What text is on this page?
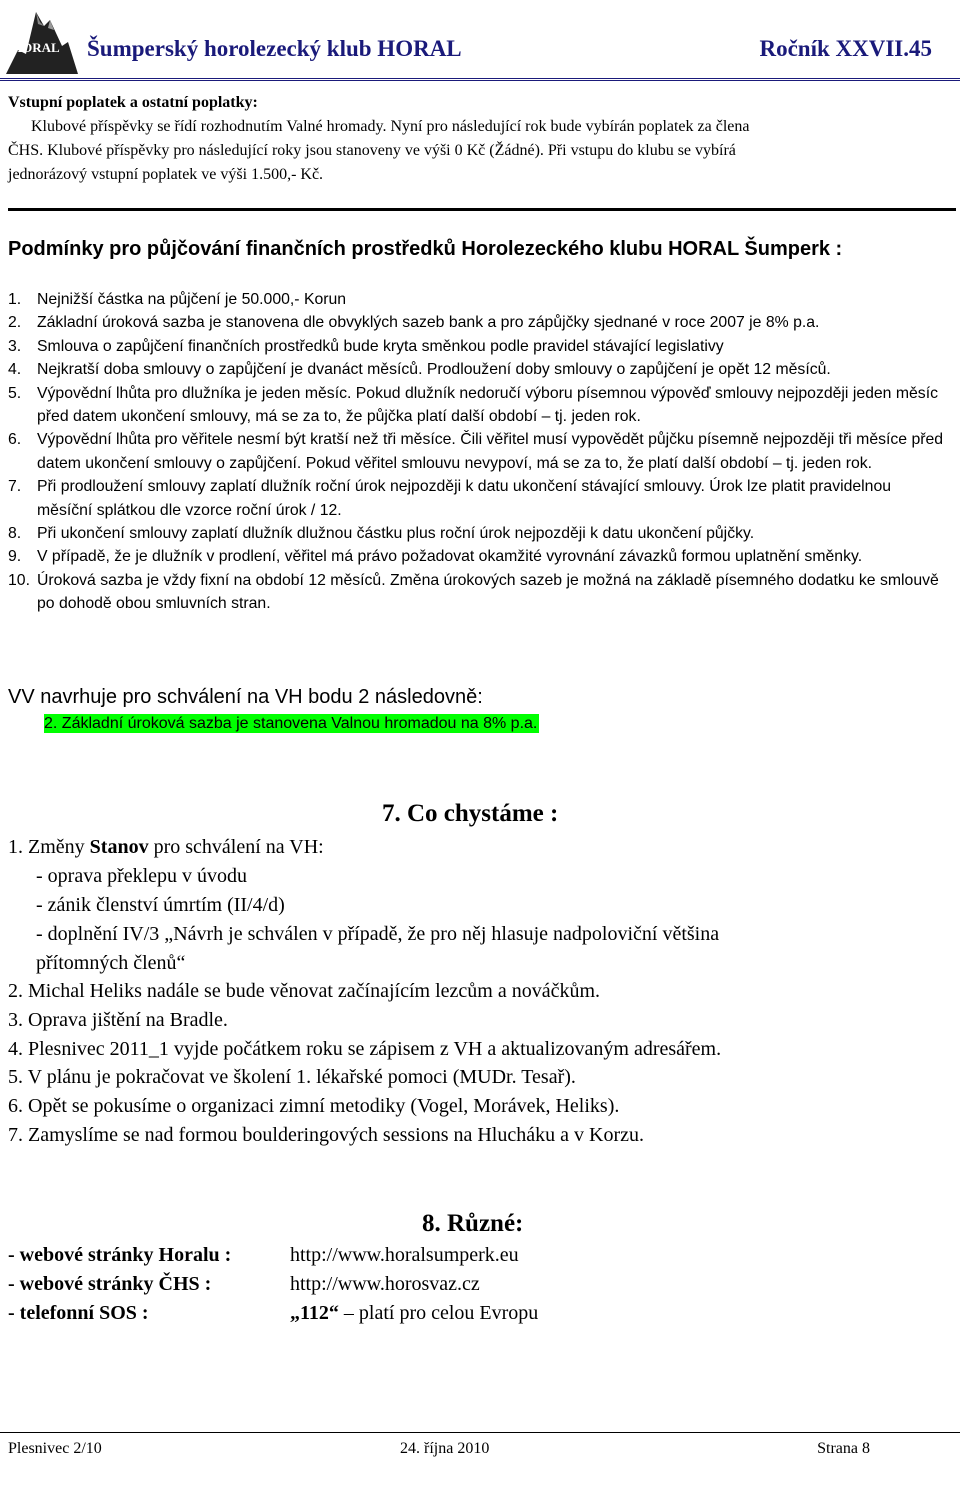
HORAL Šumperský horolezecký klub HORAL	Ročník XXVII.45
Vstupní poplatek a ostatní poplatky:
Klubové příspěvky se řídí rozhodnutím Valné hromady. Nyní pro následující rok bude vybírán poplatek za člena
ČHS. Klubové příspěvky pro následující roky jsou stanoveny ve výši 0 Kč (Žádné). Při vstupu do klubu se vybírá
jednorázový vstupní poplatek ve výši 1.500,- Kč.
Podmínky pro půjčování finančních prostředků Horolezeckého klubu HORAL Šumperk :
1. Nejnižší částka na půjčení je 50.000,- Korun
2. Základní úroková sazba je stanovena dle obvyklých sazeb bank a pro zápůjčky sjednané v roce 2007 je 8% p.a.
3. Smlouva o zapůjčení finančních prostředků bude kryta směnkou podle pravidel stávající legislativy
4. Nejkratší doba smlouvy o zapůjčení je dvanáct měsíců. Prodloužení doby smlouvy o zapůjčení je opět 12 měsíců.
5. Výpovědní lhůta pro dlužníka je jeden měsíc. Pokud dlužník nedoručí výboru písemnou výpověď smlouvy nejpozději jeden měsíc před datem ukončení smlouvy, má se za to, že půjčka platí další období – tj. jeden rok.
6. Výpovědní lhůta pro věřitele nesmí být kratší než tři měsíce. Čili věřitel musí vypovědět půjčku písemně nejpozději tři měsíce před datem ukončení smlouvy o zapůjčení. Pokud věřitel smlouvu nevypoví, má se za to, že platí další období – tj. jeden rok.
7. Při prodloužení smlouvy zaplatí dlužník roční úrok nejpozději k datu ukončení stávající smlouvy. Úrok lze platit pravidelnou měsíční splátkou dle vzorce roční úrok / 12.
8. Při ukončení smlouvy zaplatí dlužník dlužnou částku plus roční úrok nejpozději k datu ukončení půjčky.
9. V případě, že je dlužník v prodlení, věřitel má právo požadovat okamžité vyrovnání závazků formou uplatnění směnky.
10. Úroková sazba je vždy fixní na období 12 měsíců. Změna úrokových sazeb je možná na základě písemného dodatku ke smlouvě po dohodě obou smluvních stran.
VV navrhuje pro schválení na VH bodu 2 následovně:
2. Základní úroková sazba je stanovena Valnou hromadou na 8% p.a.
7. Co chystáme :
1. Změny Stanov pro schválení na VH:
- oprava překlepu v úvodu
- zánik členství úmrtím (II/4/d)
- doplnění IV/3 „Návrh je schválen v případě, že pro něj hlasuje nadpoloviční většina
přítomných členů“
2. Michal Heliks nadále se bude věnovat začínajícím lezcům a nováčkům.
3. Oprava jištění na Bradle.
4. Plesnivec 2011_1 vyjde počátkem roku se zápisem z VH a aktualizovaným adresářem.
5. V plánu je pokračovat ve školení 1. lékařské pomoci (MUDr. Tesař).
6. Opět se pokusíme o organizaci zimní metodiky (Vogel, Morávek, Heliks).
7. Zamyslíme se nad formou boulderingových sessions na Hlucháku a v Korzu.
8. Různé:
- webové stránky Horalu :	http://www.horalsumperk.eu
- webové stránky ČHS :	http://www.horosvaz.cz
- telefonní SOS :	„112“ – platí pro celou Evropu
Plesnivec 2/10	24. října 2010	Strana 8
